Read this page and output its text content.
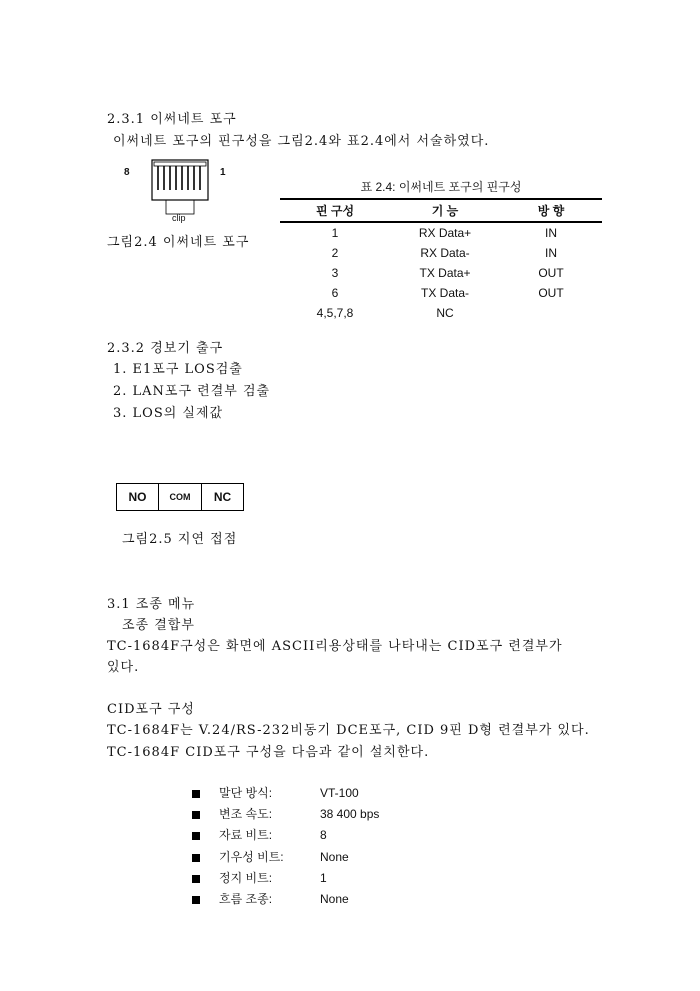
2.3.1 이써네트 포구
이써네트 포구의 핀구성을 그림2.4와 표2.4에서 서술하였다.
8	1
clip
그림2.4 이써네트 포구
표 2.4: 이써네트 포구의 핀구성
핀 구성	기 능	방 향
1	RX Data+	IN
2	RX Data-	IN
3	TX Data+	OUT
6	TX Data-	OUT
4,5,7,8	NC	
2.3.2 경보기 출구
1. E1포구 LOS검출
2. LAN포구 련결부 검출
3. LOS의 실제값
NO	COM	NC
그림2.5 지연 접점
3.1 조종 메뉴
조종 결합부
TC-1684F구성은 화면에 ASCII리용상태를 나타내는 CID포구 련결부가
있다.
CID포구 구성
TC-1684F는 V.24/RS-232비동기 DCE포구, CID 9핀 D형 련결부가 있다.
TC-1684F CID포구 구성을 다음과 같이 설치한다.
말단 방식:	VT-100
변조 속도:	38 400 bps
자료 비트:	8
기우성 비트:	None
정지 비트:	1
흐름 조종:	None
